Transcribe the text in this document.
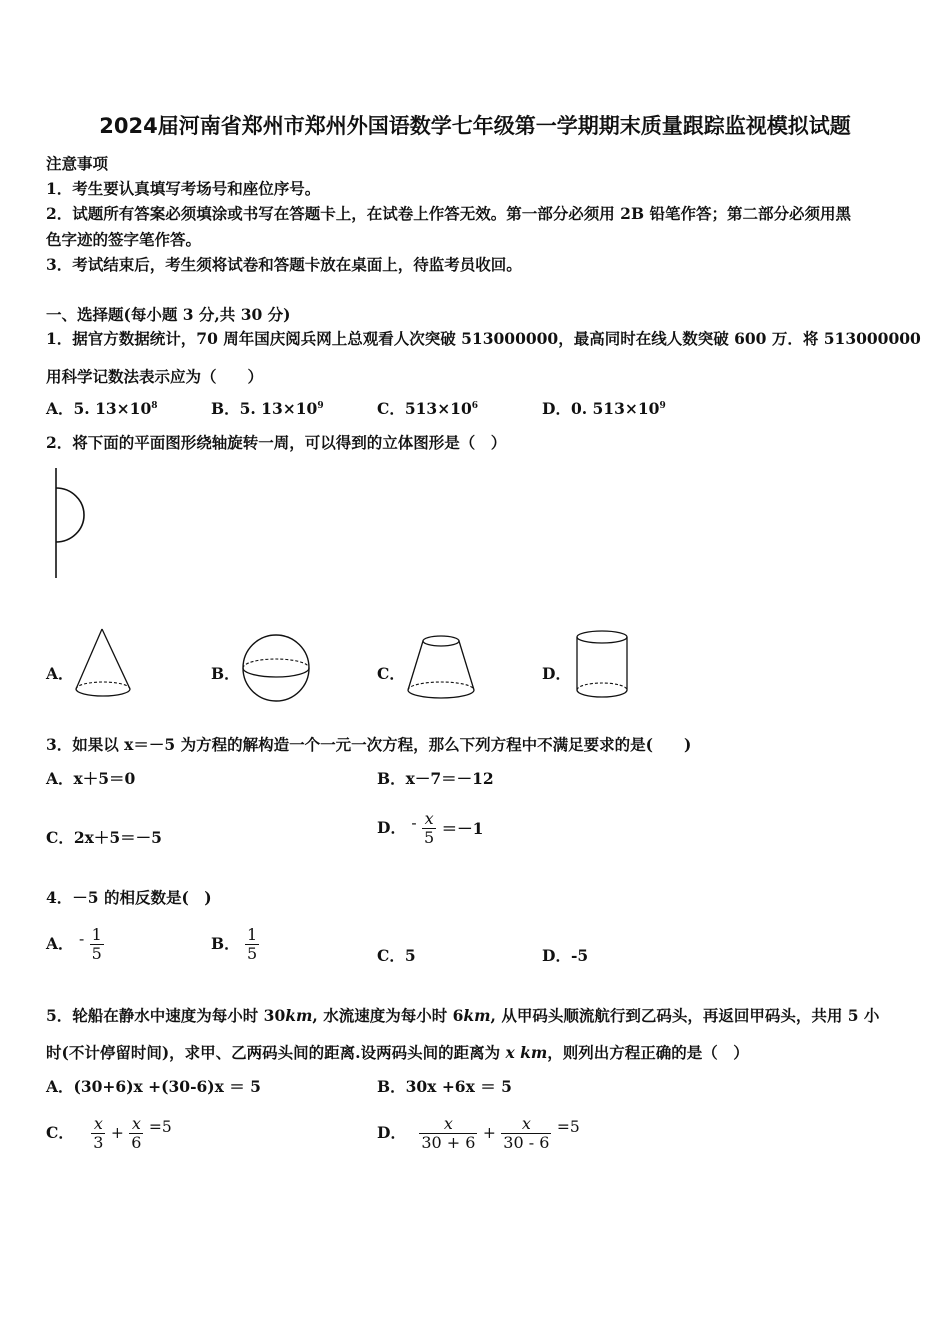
2024届河南省郑州市郑州外国语数学七年级第一学期期末质量跟踪监视模拟试题
注意事项
1．考生要认真填写考场号和座位序号。
2．试题所有答案必须填涂或书写在答题卡上，在试卷上作答无效。第一部分必须用 2B 铅笔作答；第二部分必须用黑
色字迹的签字笔作答。
3．考试结束后，考生须将试卷和答题卡放在桌面上，待监考员收回。
一、选择题(每小题 3 分,共 30 分)
1．据官方数据统计，70 周年国庆阅兵网上总观看人次突破 513000000，最高同时在线人数突破 600 万．将 513000000
用科学记数法表示应为（　　）
A．5. $13\times 10^8$	B．5. $13\times 10^9$	C．$513\times 10^6$	D．0. $513\times 10^9$
2．将下面的平面图形绕轴旋转一周，可以得到的立体图形是（　）
A．	B．	C．	D．
3．如果以 x＝－5 为方程的解构造一个一元一次方程，那么下列方程中不满足要求的是(　　)
A．x＋5＝0	B．x－7＝－12
C．2x＋5＝－5
D． - $\frac{x}{5} =-1$
4．－5 的相反数是(　)
A． - $\frac{1}{5}$	B． $\frac{1}{5}$	C．5	D．-5
5．轮船在静水中速度为每小时 30km, 水流速度为每小时 6km, 从甲码头顺流航行到乙码头，再返回甲码头，共用 5 小
时(不计停留时间)，求甲、乙两码头间的距离.设两码头间的距离为 x km，则列出方程正确的是（　）
A．(30+6)x +(30-6)x ＝ 5	B．30x +6x ＝ 5
C． $\frac{x}{3} + \frac{x}{6} =5$	D． $\frac{x}{30 + 6} + \frac{x}{30 - 6} =5$
